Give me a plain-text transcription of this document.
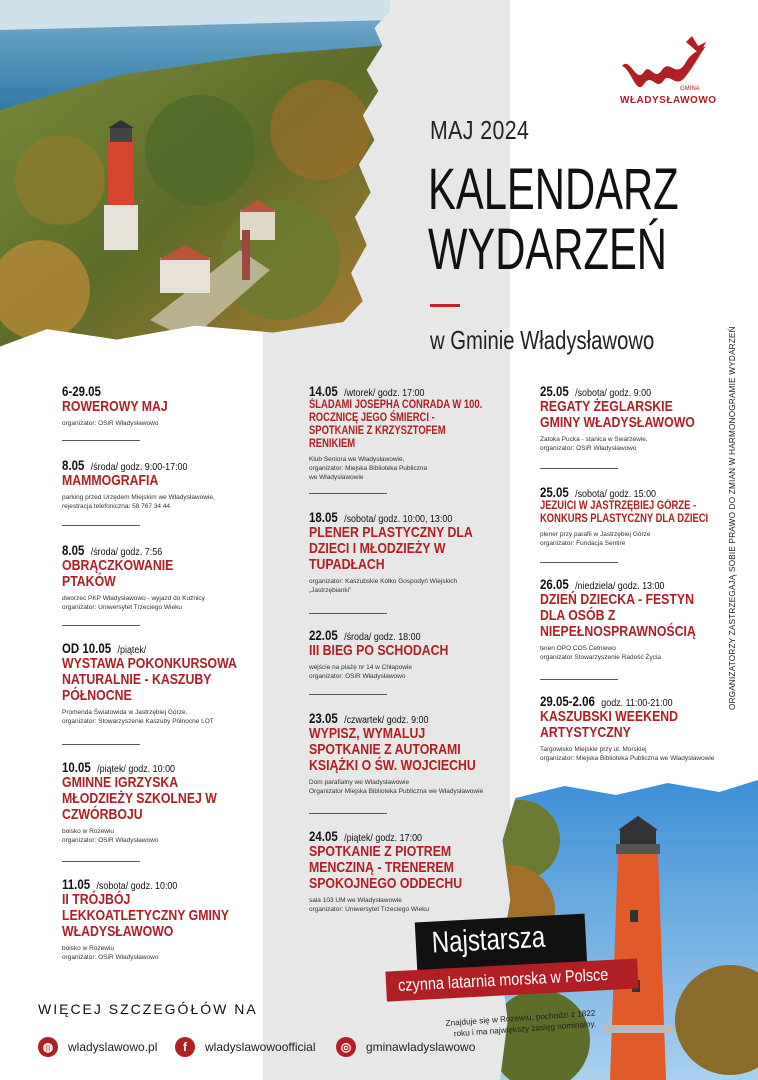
GMINA
WŁADYSŁAWOWO
MAJ 2024
KALENDARZ
WYDARZEŃ
w Gminie Władysławowo	ORGANIZATORZY ZASTRZEGAJĄ SOBIE PRAWO DO ZMIAN W HARMONOGRAMIE WYDARZEŃ
6-29.05
ROWEROWY MAJ
organizator: OSiR Władysławowo
8.05 /środa/ godz. 9:00-17:00
MAMMOGRAFIA
parking przed Urzędem Miejskim we Władysławowie,
rejestracja telefoniczna: 58 767 34 44
8.05 /środa/ godz. 7:56
OBRĄCZKOWANIE PTAKÓW
dworzec PKP Władysławowo - wyjazd do Kuźnicy
organizator: Uniwersytet Trzeciego Wieku
OD 10.05 /piątek/
WYSTAWA POKONKURSOWA NATURALNIE - KASZUBY PÓŁNOCNE
Promenda Światowida w Jastrzębiej Górze,
organizator: Stowarzyszenie Kaszuby Północne LOT
10.05 /piątek/ godz. 10:00
GMINNE IGRZYSKA MŁODZIEŻY SZKOLNEJ W CZWÓRBOJU
boisko w Rozewiu
organizator: OSiR Władysławowo
11.05 /sobota/ godz. 10:00
II TRÓJBÓJ LEKKOATLETYCZNY GMINY WŁADYSŁAWOWO
boisko w Rozewiu
organizator: OSiR Władysławowo
14.05 /wtorek/ godz. 17:00
ŚLADAMI JOSEPHA CONRADA W 100. ROCZNICĘ JEGO ŚMIERCI - SPOTKANIE Z KRZYSZTOFEM RENIKIEM
Klub Seniora we Władysławowie,
organizator: Miejska Biblioteka Publiczna
we Władysławowie
18.05 /sobota/ godz. 10:00, 13:00
PLENER PLASTYCZNY DLA DZIECI I MŁODZIEŻY W TUPADŁACH
organizator: Kaszubskie Kółko Gospodyń Wiejskich
„Jastrzębianki”
22.05 /środa/ godz. 18:00
III BIEG PO SCHODACH
wejście na plażę nr 14 w Chłapowie
organizator: OSiR Władysławowo
23.05 /czwartek/ godz. 9:00
WYPISZ, WYMALUJ SPOTKANIE Z AUTORAMI KSIĄŻKI O ŚW. WOJCIECHU
Dom parafialny we Władysławowie
Organizator Miejska Biblioteka Publiczna we Władysławowie
24.05 /piątek/ godz. 17:00
SPOTKANIE Z PIOTREM MENCZINĄ - TRENEREM SPOKOJNEGO ODDECHU
sala 103 UM we Władysławowie
organizator: Uniwersytet Trzeciego Wieku
25.05 /sobota/ godz. 9:00
REGATY ŻEGLARSKIE GMINY WŁADYSŁAWOWO
Zatoka Pucka - stanica w Swarzewie,
organizator: OSiR Władysławowo
25.05 /sobota/ godz. 15:00
JEZUICI W JASTRZĘBIEJ GÓRZE - KONKURS PLASTYCZNY DLA DZIECI
plener przy parafii w Jastrzębiej Górze
organizator: Fundacja Sentire
26.05 /niedziela/ godz. 13:00
DZIEŃ DZIECKA - FESTYN DLA OSÓB Z NIEPEŁNOSPRAWNOŚCIĄ
teren OPO COS Cetniewo
organizator Stowarzyszenie Radość Życia
29.05-2.06 godz. 11:00-21:00
KASZUBSKI WEEKEND ARTYSTYCZNY
Targowisko Miejskie przy ul. Morskiej
organizator: Miejska Biblioteka Publiczna we Władysławowie
Najstarsza
czynna latarnia morska w Polsce
Znajduje się w Rozewiu, pochodzi z 1822 roku i ma największy zasięg nominalny.
WIĘCEJ SZCZEGÓŁÓW NA
◍	wladyslawowo.pl	f	wladyslawowoofficial	◎	gminawladyslawowo
